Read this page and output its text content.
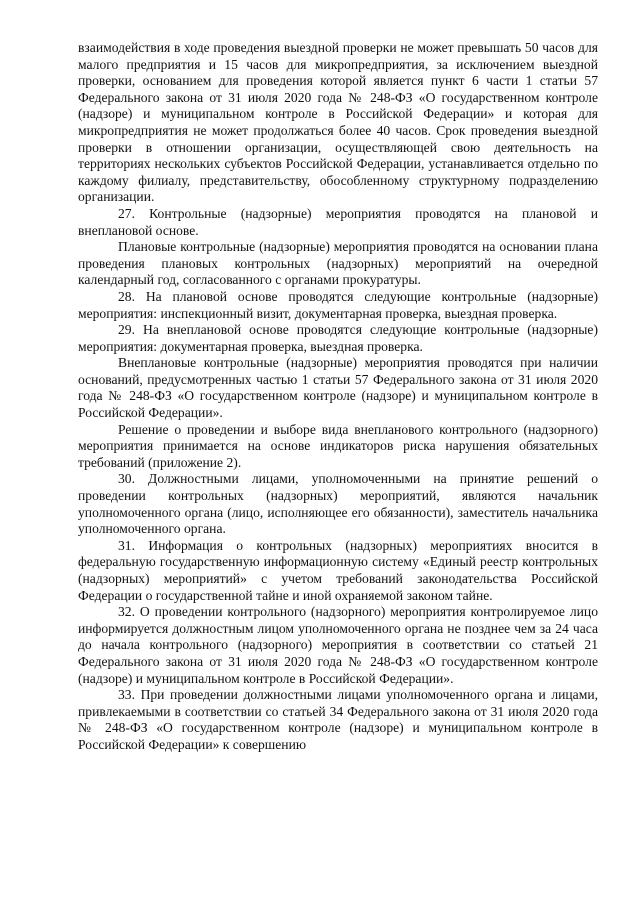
взаимодействия в ходе проведения выездной проверки не может превышать 50 часов для малого предприятия и 15 часов для микропредприятия, за исключением выездной проверки, основанием для проведения которой является пункт 6 части 1 статьи 57 Федерального закона от 31 июля 2020 года № 248-ФЗ «О государственном контроле (надзоре) и муниципальном контроле в Российской Федерации» и которая для микропредприятия не может продолжаться более 40 часов. Срок проведения выездной проверки в отношении организации, осуществляющей свою деятельность на территориях нескольких субъектов Российской Федерации, устанавливается отдельно по каждому филиалу, представительству, обособленному структурному подразделению организации.

27. Контрольные (надзорные) мероприятия проводятся на плановой и внеплановой основе.

Плановые контрольные (надзорные) мероприятия проводятся на основании плана проведения плановых контрольных (надзорных) мероприятий на очередной календарный год, согласованного с органами прокуратуры.

28. На плановой основе проводятся следующие контрольные (надзорные) мероприятия: инспекционный визит, документарная проверка, выездная проверка.

29. На внеплановой основе проводятся следующие контрольные (надзорные) мероприятия: документарная проверка, выездная проверка.

Внеплановые контрольные (надзорные) мероприятия проводятся при наличии оснований, предусмотренных частью 1 статьи 57 Федерального закона от 31 июля 2020 года № 248-ФЗ «О государственном контроле (надзоре) и муниципальном контроле в Российской Федерации».

Решение о проведении и выборе вида внепланового контрольного (надзорного) мероприятия принимается на основе индикаторов риска нарушения обязательных требований (приложение 2).

30. Должностными лицами, уполномоченными на принятие решений о проведении контрольных (надзорных) мероприятий, являются начальник уполномоченного органа (лицо, исполняющее его обязанности), заместитель начальника уполномоченного органа.

31. Информация о контрольных (надзорных) мероприятиях вносится в федеральную государственную информационную систему «Единый реестр контрольных (надзорных) мероприятий» с учетом требований законодательства Российской Федерации о государственной тайне и иной охраняемой законом тайне.

32. О проведении контрольного (надзорного) мероприятия контролируемое лицо информируется должностным лицом уполномоченного органа не позднее чем за 24 часа до начала контрольного (надзорного) мероприятия в соответствии со статьей 21 Федерального закона от 31 июля 2020 года № 248-ФЗ «О государственном контроле (надзоре) и муниципальном контроле в Российской Федерации».

33. При проведении должностными лицами уполномоченного органа и лицами, привлекаемыми в соответствии со статьей 34 Федерального закона от 31 июля 2020 года № 248-ФЗ «О государственном контроле (надзоре) и муниципальном контроле в Российской Федерации» к совершению
